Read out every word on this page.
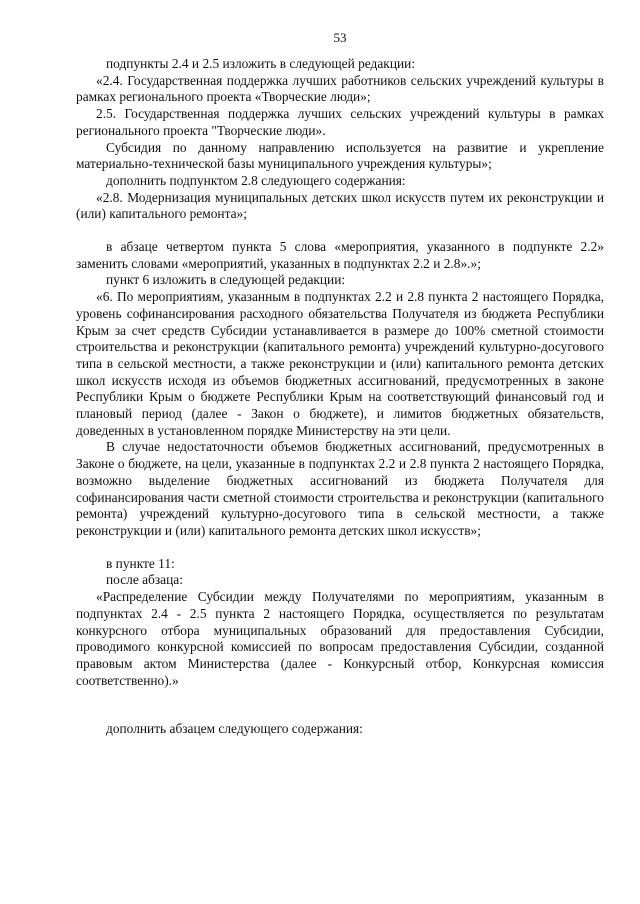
53

подпункты 2.4 и 2.5 изложить в следующей редакции:

«2.4. Государственная поддержка лучших работников сельских учреждений культуры в рамках регионального проекта «Творческие люди»;

2.5. Государственная поддержка лучших сельских учреждений культуры в рамках регионального проекта "Творческие люди».

Субсидия по данному направлению используется на развитие и укрепление материально-технической базы муниципального учреждения культуры»;

дополнить подпунктом 2.8 следующего содержания:

«2.8. Модернизация муниципальных детских школ искусств путем их реконструкции и (или) капитального ремонта»;

в абзаце четвертом пункта 5 слова «мероприятия, указанного в подпункте 2.2» заменить словами «мероприятий, указанных в подпунктах 2.2 и 2.8».»;

пункт 6 изложить в следующей редакции:

«6. По мероприятиям, указанным в подпунктах 2.2 и 2.8 пункта 2 настоящего Порядка, уровень софинансирования расходного обязательства Получателя из бюджета Республики Крым за счет средств Субсидии устанавливается в размере до 100% сметной стоимости строительства и реконструкции (капитального ремонта) учреждений культурно-досугового типа в сельской местности, а также реконструкции и (или) капитального ремонта детских школ искусств исходя из объемов бюджетных ассигнований, предусмотренных в законе Республики Крым о бюджете Республики Крым на соответствующий финансовый год и плановый период (далее - Закон о бюджете), и лимитов бюджетных обязательств, доведенных в установленном порядке Министерству на эти цели.

В случае недостаточности объемов бюджетных ассигнований, предусмотренных в Законе о бюджете, на цели, указанные в подпунктах 2.2 и 2.8 пункта 2 настоящего Порядка, возможно выделение бюджетных ассигнований из бюджета Получателя для софинансирования части сметной стоимости строительства и реконструкции (капитального ремонта) учреждений культурно-досугового типа в сельской местности, а также реконструкции и (или) капитального ремонта детских школ искусств»;

в пункте 11:

после абзаца:

«Распределение Субсидии между Получателями по мероприятиям, указанным в подпунктах 2.4 - 2.5 пункта 2 настоящего Порядка, осуществляется по результатам конкурсного отбора муниципальных образований для предоставления Субсидии, проводимого конкурсной комиссией по вопросам предоставления Субсидии, созданной правовым актом Министерства (далее - Конкурсный отбор, Конкурсная комиссия соответственно).»

дополнить абзацем следующего содержания:
